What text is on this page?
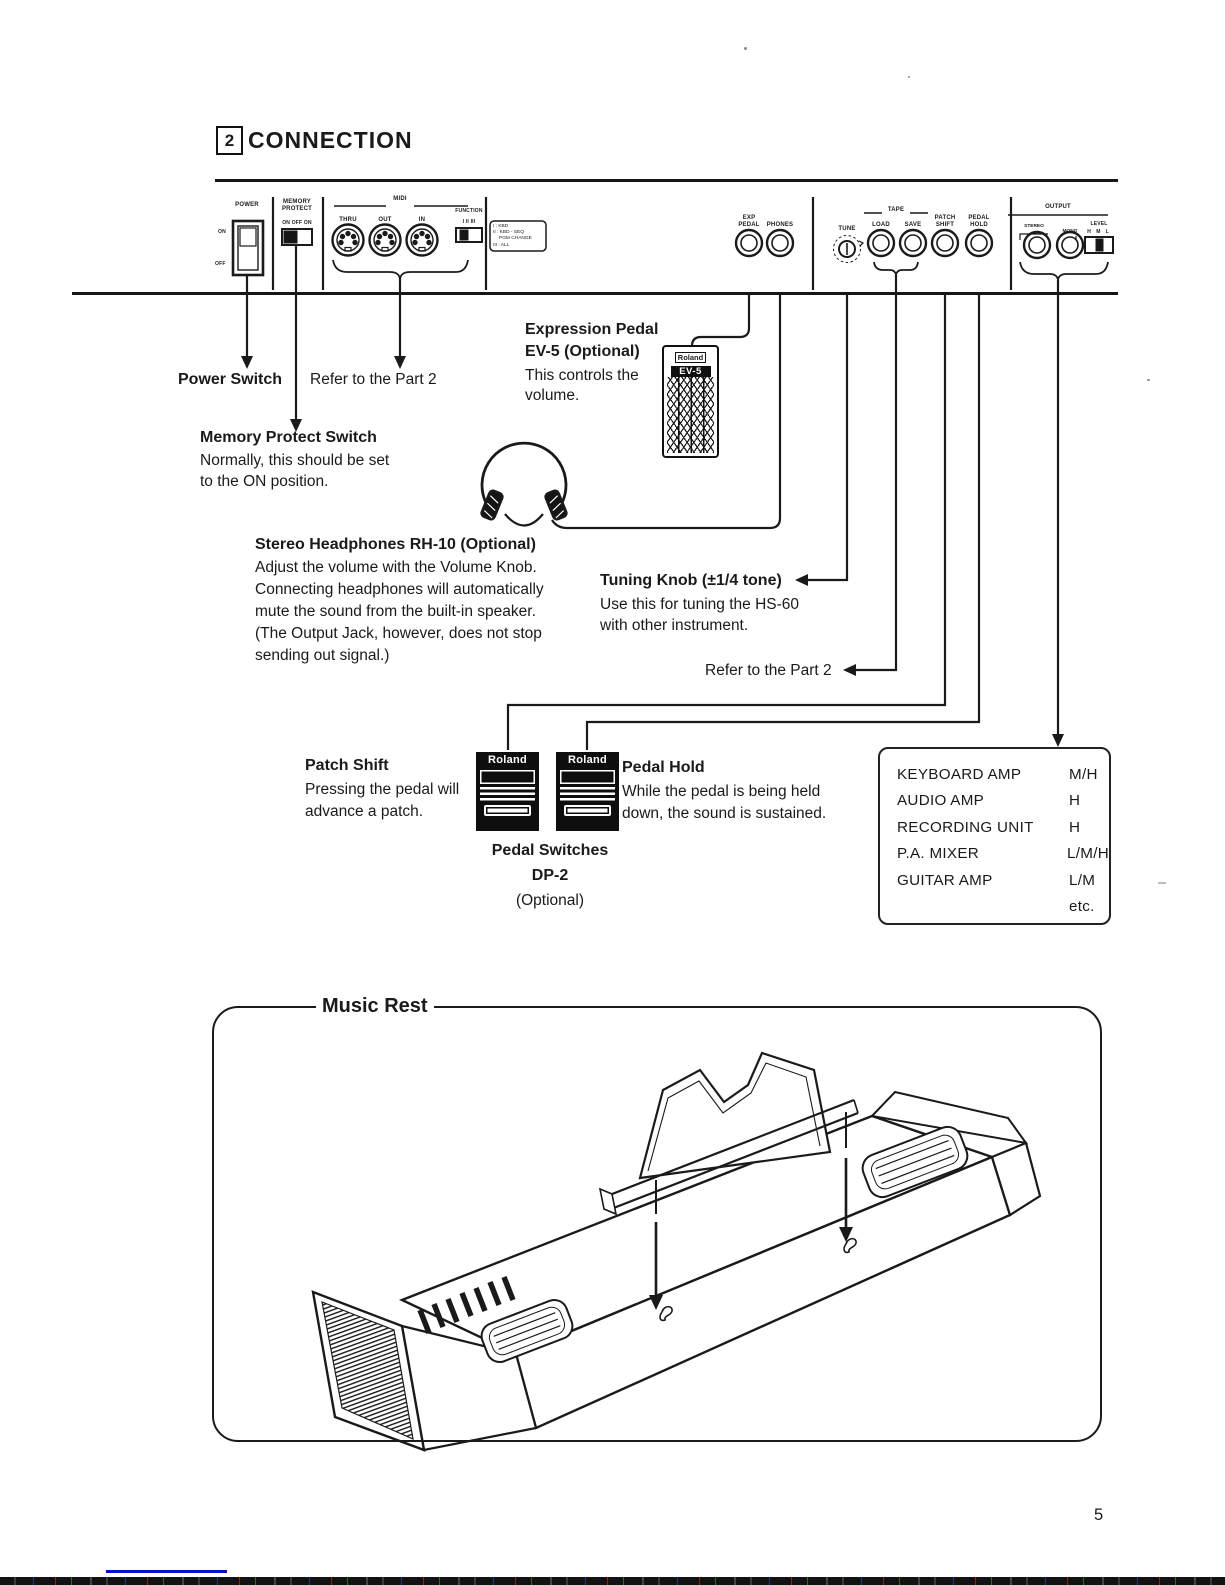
2 CONNECTION
POWER
ON
OFF
MEMORY
PROTECT
ON OFF ON
MIDI
THRU	OUT	IN
FUNCTION
I II III
I : KBD
II : KBD - SEQ
PGM CHANGE
III : ALL
EXP
PEDAL	PHONES
TUNE
TAPE
LOAD	SAVE
PATCH
SHIFT
PEDAL
HOLD
OUTPUT
STEREO
MONO
LEVEL
H M L
Power Switch Refer to the Part 2
Memory Protect Switch
Normally, this should be set
to the ON position.
Expression Pedal
EV-5 (Optional)
This controls the
volume.
Stereo Headphones RH-10 (Optional)
Adjust the volume with the Volume Knob.
Connecting headphones will automatically
mute the sound from the built-in speaker.
(The Output Jack, however, does not stop
sending out signal.)
Tuning Knob (±1/4 tone)
Use this for tuning the HS-60
with other instrument.
Refer to the Part 2
Patch Shift
Pressing the pedal will
advance a patch.
Pedal Hold
While the pedal is being held
down, the sound is sustained.
Pedal Switches
DP-2
(Optional)
Roland
EV-5
Roland	Roland
KEYBOARD AMP	M/H
AUDIO AMP	H
RECORDING UNIT	H
P.A. MIXER	L/M/H
GUITAR AMP	L/M
etc.
Music Rest
5
